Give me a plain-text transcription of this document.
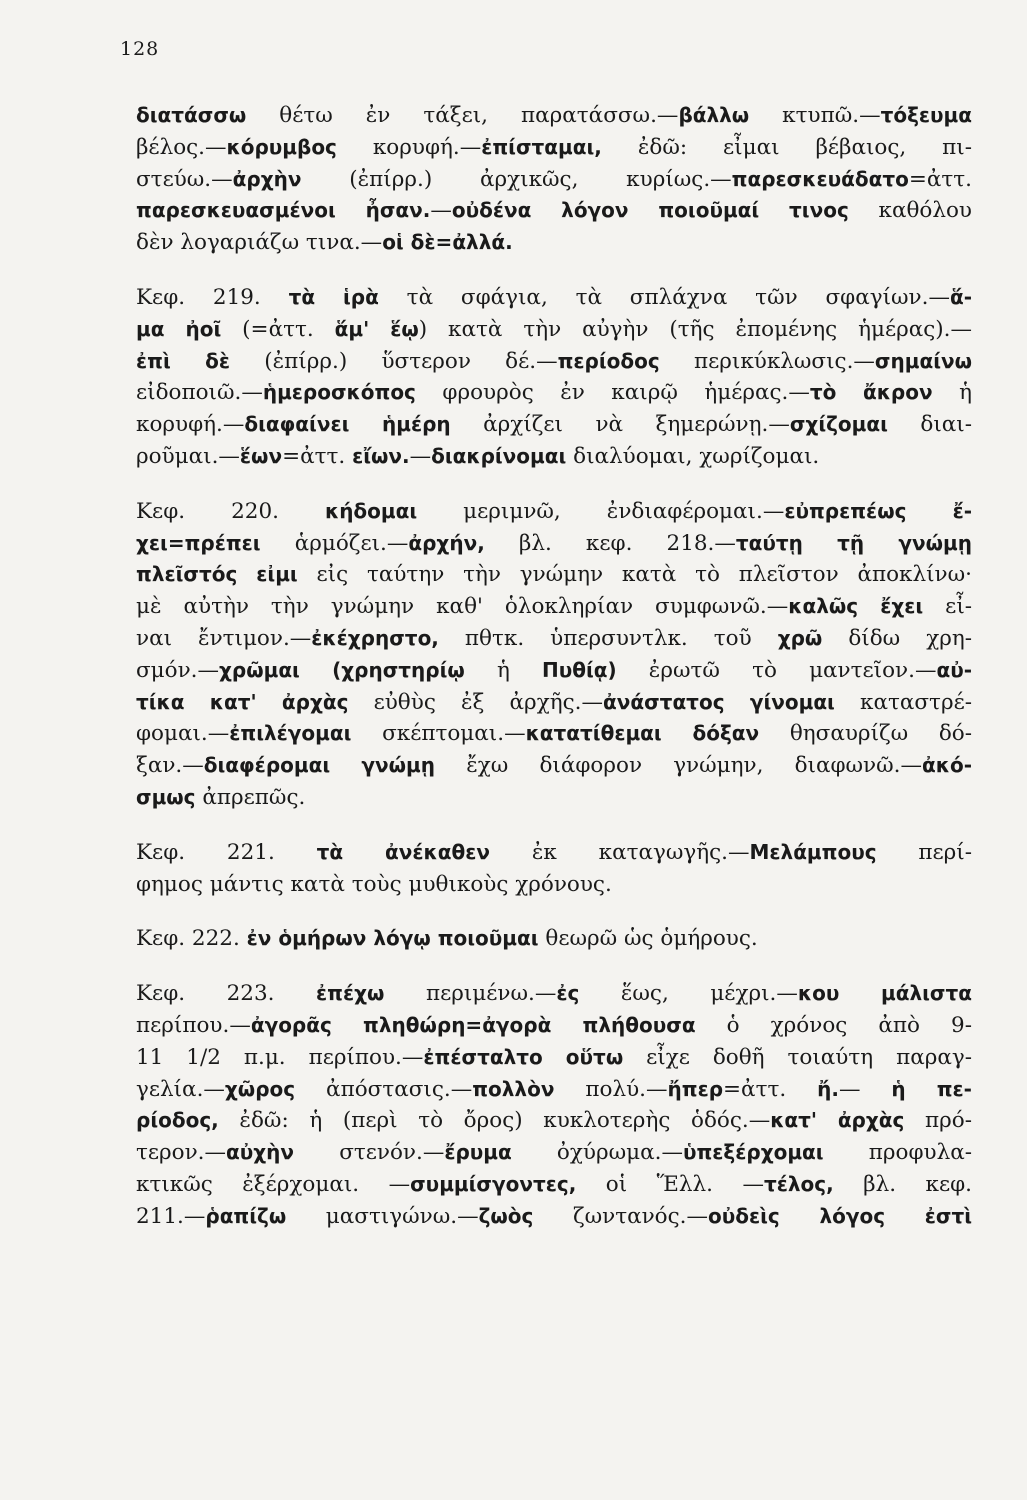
128

διατάσσω θέτω ἐν τάξει, παρατάσσω.—βάλλω κτυπῶ.—τόξευμα

βέλος.—κόρυμβος κορυφή.—ἐπίσταμαι, ἐδῶ: εἶμαι βέβαιος, πι-

στεύω.—ἀρχὴν (ἐπίρρ.) ἀρχικῶς, κυρίως.—παρεσκευάδατο=ἀττ.

παρεσκευασμένοι ἦσαν.—οὐδένα λόγον ποιοῦμαί τινος καθόλου

δὲν λογαριάζω τινα.—οἱ δὲ=ἀλλά.

Κεφ. 219. τὰ ἱρὰ τὰ σφάγια, τὰ σπλάχνα τῶν σφαγίων.—ἅ-

μα ἠοῖ (=ἀττ. ἅμ' ἕῳ) κατὰ τὴν αὐγὴν (τῆς ἐπομένης ἡμέρας).—

ἐπὶ δὲ (ἐπίρρ.) ὕστερον δέ.—περίοδος περικύκλωσις.—σημαίνω

εἰδοποιῶ.—ἡμεροσκόπος φρουρὸς ἐν καιρῷ ἡμέρας.—τὸ ἄκρον ἡ

κορυφή.—διαφαίνει ἡμέρη ἀρχίζει νὰ ξημερώνῃ.—σχίζομαι διαι-

ροῦμαι.—ἕων=ἀττ. εἴων.—διακρίνομαι διαλύομαι, χωρίζομαι.

Κεφ. 220. κήδομαι μεριμνῶ, ἐνδιαφέρομαι.—εὐπρεπέως ἔ-

χει=πρέπει ἁρμόζει.—ἀρχήν, βλ. κεφ. 218.—ταύτῃ τῇ γνώμῃ

πλεῖστός εἰμι εἰς ταύτην τὴν γνώμην κατὰ τὸ πλεῖστον ἀποκλίνω·

μὲ αὐτὴν τὴν γνώμην καθ' ὁλοκληρίαν συμφωνῶ.—καλῶς ἔχει εἶ-

ναι ἔντιμον.—ἐκέχρηστο, πθτκ. ὑπερσυντλκ. τοῦ χρῶ δίδω χρη-

σμόν.—χρῶμαι (χρηστηρίῳ ἡ Πυθίᾳ) ἐρωτῶ τὸ μαντεῖον.—αὐ-

τίκα κατ' ἀρχὰς εὐθὺς ἐξ ἀρχῆς.—ἀνάστατος γίνομαι καταστρέ-

φομαι.—ἐπιλέγομαι σκέπτομαι.—κατατίθεμαι δόξαν θησαυρίζω δό-

ξαν.—διαφέρομαι γνώμῃ ἔχω διάφορον γνώμην, διαφωνῶ.—ἀκό-

σμως ἀπρεπῶς.

Κεφ. 221. τὰ ἀνέκαθεν ἐκ καταγωγῆς.—Μελάμπους περί-

φημος μάντις κατὰ τοὺς μυθικοὺς χρόνους.

Κεφ. 222. ἐν ὁμήρων λόγῳ ποιοῦμαι θεωρῶ ὡς ὁμήρους.

Κεφ. 223. ἐπέχω περιμένω.—ἐς ἕως, μέχρι.—κου μάλιστα

περίπου.—ἀγορᾶς πληθώρη=ἀγορὰ πλήθουσα ὁ χρόνος ἀπὸ 9-

11 1/2 π.μ. περίπου.—ἐπέσταλτο οὕτω εἶχε δοθῆ τοιαύτη παραγ-

γελία.—χῶρος ἀπόστασις.—πολλὸν πολύ.—ἤπερ=ἀττ. ἤ.— ἡ πε-

ρίοδος, ἐδῶ: ἡ (περὶ τὸ ὄρος) κυκλοτερὴς ὁδός.—κατ' ἀρχὰς πρό-

τερον.—αὐχὴν στενόν.—ἔρυμα ὀχύρωμα.—ὑπεξέρχομαι προφυλα-

κτικῶς ἐξέρχομαι. —συμμίσγοντες, οἱ Ἕλλ. —τέλος, βλ. κεφ.

211.—ῥαπίζω μαστιγώνω.—ζωὸς ζωντανός.—οὐδεὶς λόγος ἐστὶ
